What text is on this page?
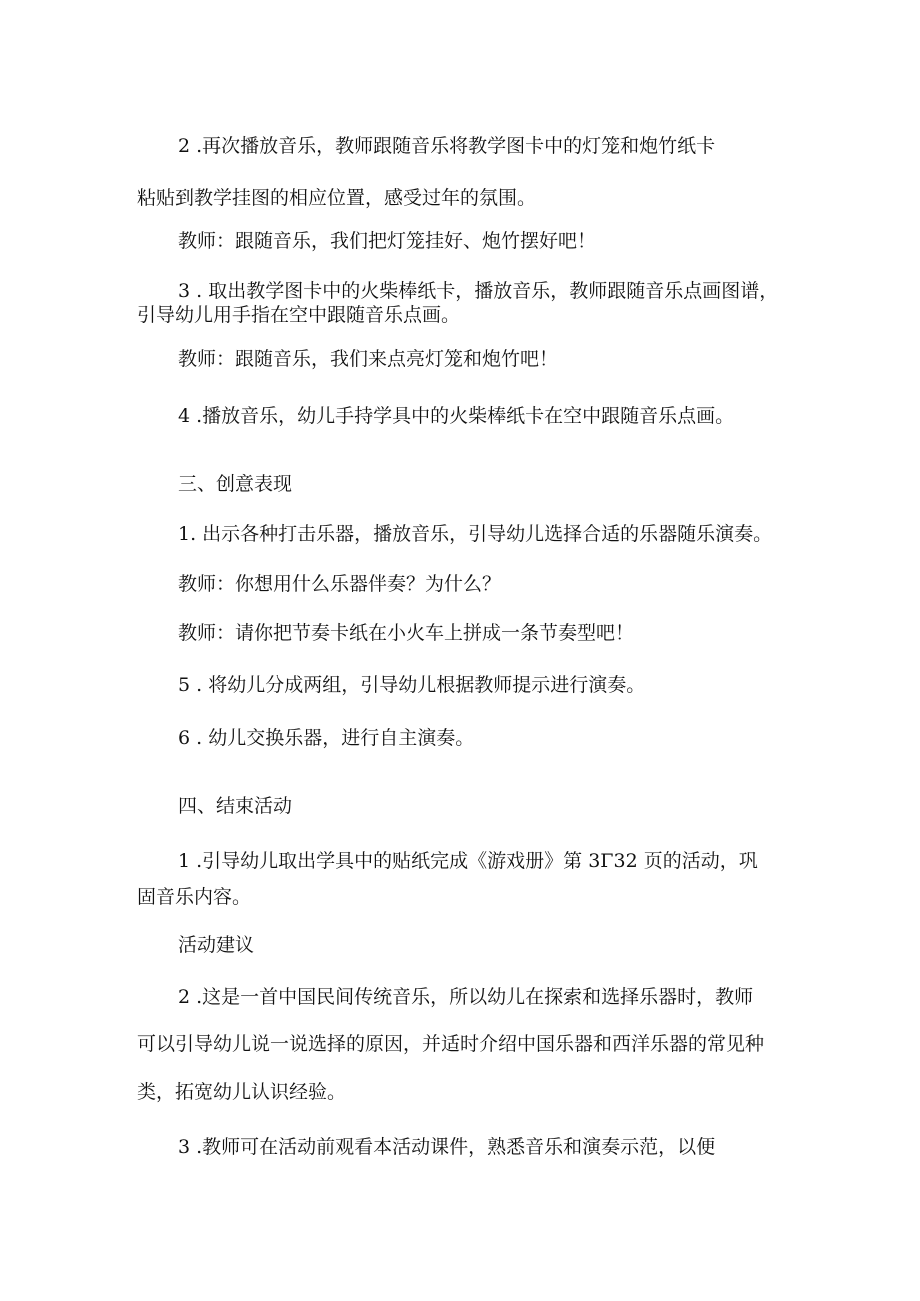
2 .再次播放音乐，教师跟随音乐将教学图卡中的灯笼和炮竹纸卡
粘贴到教学挂图的相应位置，感受过年的氛围。
教师：跟随音乐，我们把灯笼挂好、炮竹摆好吧！
3 . 取出教学图卡中的火柴棒纸卡，播放音乐，教师跟随音乐点画图谱，
引导幼儿用手指在空中跟随音乐点画。
教师：跟随音乐，我们来点亮灯笼和炮竹吧！
4 .播放音乐，幼儿手持学具中的火柴棒纸卡在空中跟随音乐点画。
三、创意表现
1. 出示各种打击乐器，播放音乐，引导幼儿选择合适的乐器随乐演奏。
教师：你想用什么乐器伴奏？为什么？
教师：请你把节奏卡纸在小火车上拼成一条节奏型吧！
5 . 将幼儿分成两组，引导幼儿根据教师提示进行演奏。
6 . 幼儿交换乐器，进行自主演奏。
四、结束活动
1 .引导幼儿取出学具中的贴纸完成《游戏册》第 3Γ32 页的活动，巩
固音乐内容。
活动建议
2 .这是一首中国民间传统音乐，所以幼儿在探索和选择乐器时，教师
可以引导幼儿说一说选择的原因，并适时介绍中国乐器和西洋乐器的常见种
类，拓宽幼儿认识经验。
3 .教师可在活动前观看本活动课件，熟悉音乐和演奏示范，以便
